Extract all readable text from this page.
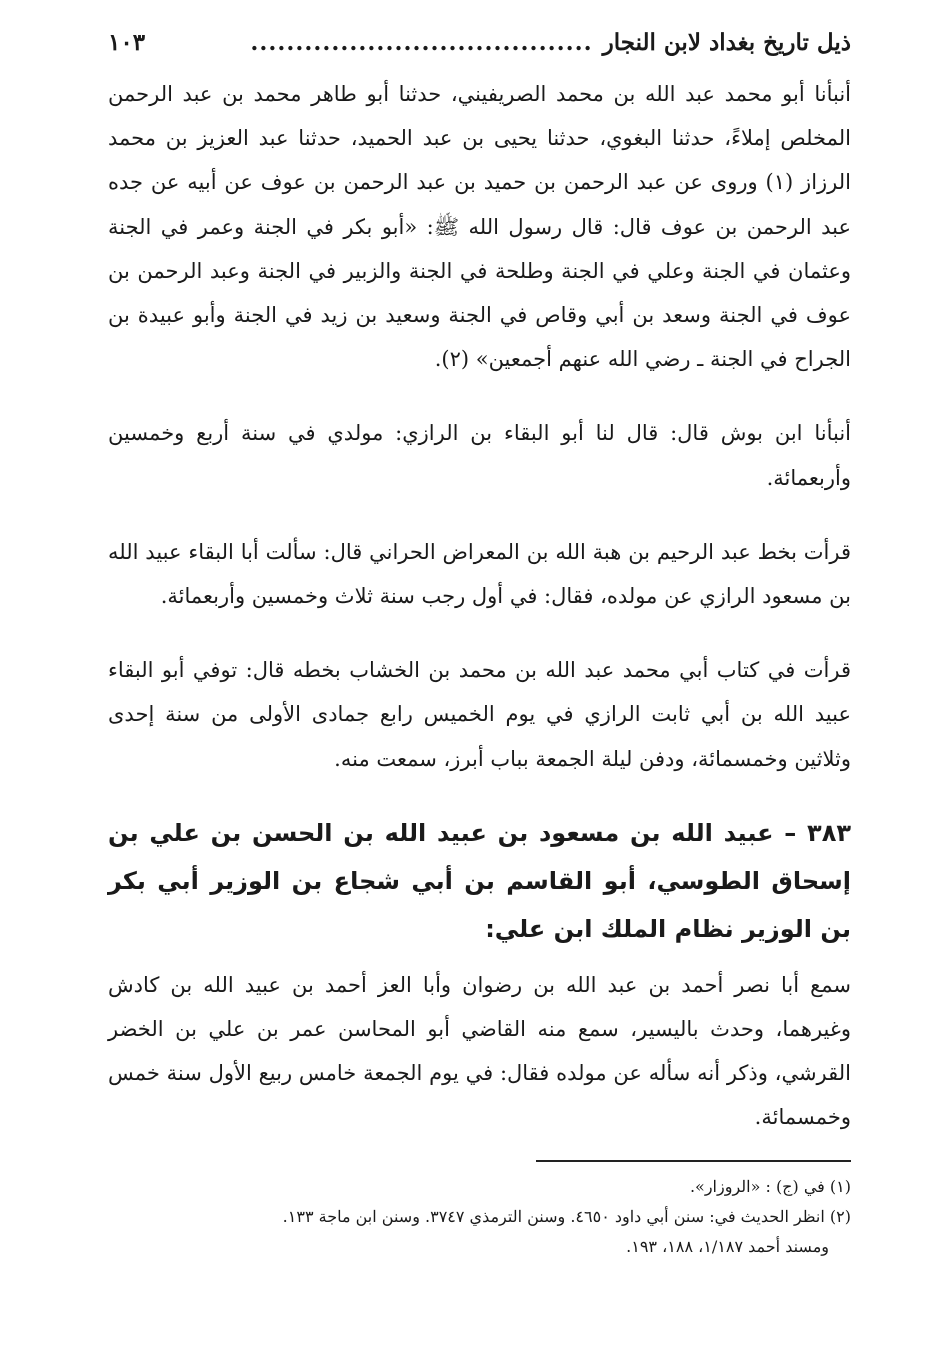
ذيل تاريخ بغداد لابن النجار
......................................
١٠٣

أنبأنا أبو محمد عبد الله بن محمد الصريفيني، حدثنا أبو طاهر محمد بن عبد الرحمن المخلص إملاءً، حدثنا البغوي، حدثنا يحيى بن عبد الحميد، حدثنا عبد العزيز بن محمد الرزاز (١) وروى عن عبد الرحمن بن حميد بن عبد الرحمن بن عوف عن أبيه عن جده عبد الرحمن بن عوف قال: قال رسول الله ﷺ: «أبو بكر في الجنة وعمر في الجنة وعثمان في الجنة وعلي في الجنة وطلحة في الجنة والزبير في الجنة وعبد الرحمن بن عوف في الجنة وسعد بن أبي وقاص في الجنة وسعيد بن زيد في الجنة وأبو عبيدة بن الجراح في الجنة ـ رضي الله عنهم أجمعين» (٢).

أنبأنا ابن بوش قال: قال لنا أبو البقاء بن الرازي: مولدي في سنة أربع وخمسين وأربعمائة.

قرأت بخط عبد الرحيم بن هبة الله بن المعراض الحراني قال: سألت أبا البقاء عبيد الله بن مسعود الرازي عن مولده، فقال: في أول رجب سنة ثلاث وخمسين وأربعمائة.

قرأت في كتاب أبي محمد عبد الله بن محمد بن الخشاب بخطه قال: توفي أبو البقاء عبيد الله بن أبي ثابت الرازي في يوم الخميس رابع جمادى الأولى من سنة إحدى وثلاثين وخمسمائة، ودفن ليلة الجمعة بباب أبرز، سمعت منه.

٣٨٣ – عبيد الله بن مسعود بن عبيد الله بن الحسن بن علي بن إسحاق الطوسي، أبو القاسم بن أبي شجاع بن الوزير أبي بكر بن الوزير نظام الملك ابن علي:

سمع أبا نصر أحمد بن عبد الله بن رضوان وأبا العز أحمد بن عبيد الله بن كادش وغيرهما، وحدث باليسير، سمع منه القاضي أبو المحاسن عمر بن علي بن الخضر القرشي، وذكر أنه سأله عن مولده فقال: في يوم الجمعة خامس ربيع الأول سنة خمس وخمسمائة.

(١) في (ج) : «الروزار».

(٢) انظر الحديث في: سنن أبي داود ٤٦٥٠. وسنن الترمذي ٣٧٤٧. وسنن ابن ماجة ١٣٣.

ومسند أحمد ١/١٨٧، ١٨٨، ١٩٣.
